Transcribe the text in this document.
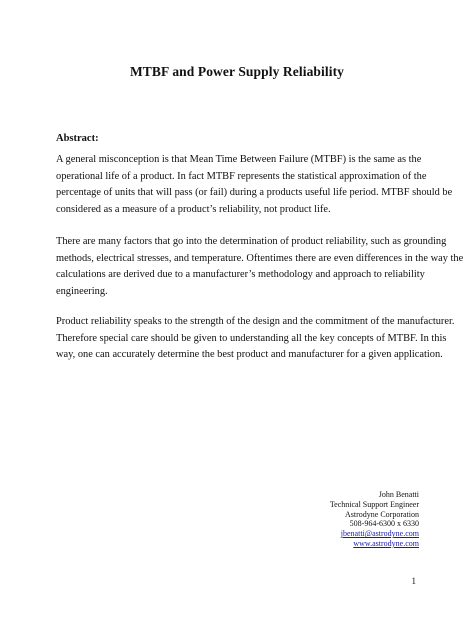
MTBF and Power Supply Reliability
Abstract:

A general misconception is that Mean Time Between Failure (MTBF) is the same as the
operational life of a product. In fact MTBF represents the statistical approximation of the
percentage of units that will pass (or fail) during a products useful life period. MTBF should be
considered as a measure of a product’s reliability, not product life.

There are many factors that go into the determination of product reliability, such as grounding
methods, electrical stresses, and temperature. Oftentimes there are even differences in the way the
calculations are derived due to a manufacturer’s methodology and approach to reliability
engineering.

Product reliability speaks to the strength of the design and the commitment of the manufacturer.
Therefore special care should be given to understanding all the key concepts of MTBF. In this
way, one can accurately determine the best product and manufacturer for a given application.

John Benatti
Technical Support Engineer
Astrodyne Corporation
508-964-6300 x 6330
jbenatti@astrodyne.com
www.astrodyne.com
1
